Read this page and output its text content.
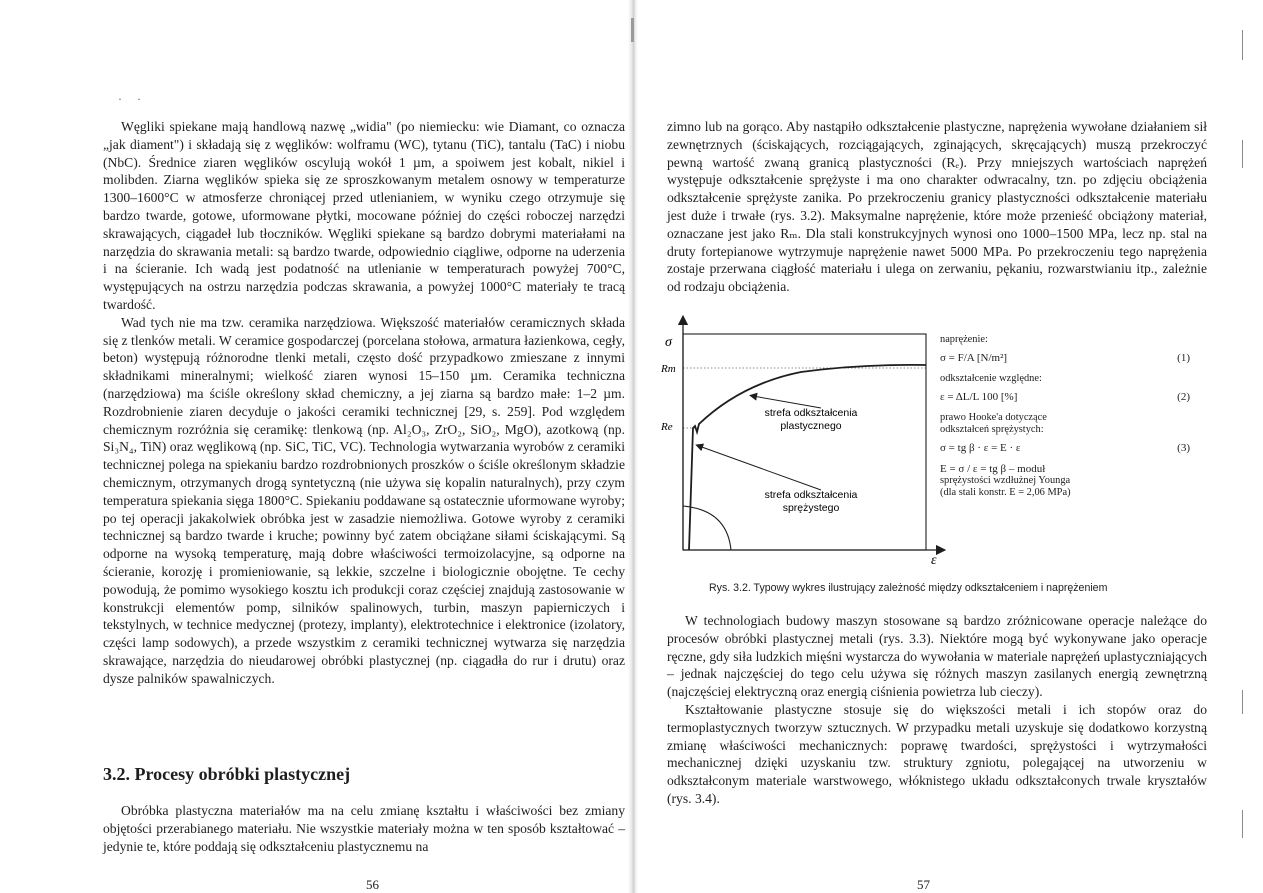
· ·

Węgliki spiekane mają handlową nazwę „widia" (po niemiecku: wie Diamant, co oznacza „jak diament") i składają się z węglików: wolframu (WC), tytanu (TiC), tantalu (TaC) i niobu (NbC). Średnice ziaren węglików oscylują wokół 1 µm, a spoiwem jest kobalt, nikiel i molibden. Ziarna węglików spieka się ze sproszkowanym metalem osnowy w temperaturze 1300–1600°C w atmosferze chroniącej przed utlenianiem, w wyniku czego otrzymuje się bardzo twarde, gotowe, uformowane płytki, mocowane później do części roboczej narzędzi skrawających, ciągadeł lub tłoczników. Węgliki spiekane są bardzo dobrymi materiałami na narzędzia do skrawania metali: są bardzo twarde, odpowiednio ciągliwe, odporne na uderzenia i na ścieranie. Ich wadą jest podatność na utlenianie w temperaturach powyżej 700°C, występujących na ostrzu narzędzia podczas skrawania, a powyżej 1000°C materiały te tracą twardość.

Wad tych nie ma tzw. ceramika narzędziowa. Większość materiałów ceramicznych składa się z tlenków metali. W ceramice gospodarczej (porcelana stołowa, armatura łazienkowa, cegły, beton) występują różnorodne tlenki metali, często dość przypadkowo zmieszane z innymi składnikami mineralnymi; wielkość ziaren wynosi 15–150 µm. Ceramika techniczna (narzędziowa) ma ściśle określony skład chemiczny, a jej ziarna są bardzo małe: 1–2 µm. Rozdrobnienie ziaren decyduje o jakości ceramiki technicznej [29, s. 259]. Pod względem chemicznym rozróżnia się ceramikę: tlenkową (np. Al₂O₃, ZrO₂, SiO₂, MgO), azotkową (np. Si₃N₄, TiN) oraz węglikową (np. SiC, TiC, VC). Technologia wytwarzania wyrobów z ceramiki technicznej polega na spiekaniu bardzo rozdrobnionych proszków o ściśle określonym składzie chemicznym, otrzymanych drogą syntetyczną (nie używa się kopalin naturalnych), przy czym temperatura spiekania sięga 1800°C. Spiekaniu poddawane są ostatecznie uformowane wyroby; po tej operacji jakakolwiek obróbka jest w zasadzie niemożliwa. Gotowe wyroby z ceramiki technicznej są bardzo twarde i kruche; powinny być zatem obciążane siłami ściskającymi. Są odporne na wysoką temperaturę, mają dobre właściwości termoizolacyjne, są odporne na ścieranie, korozję i promieniowanie, są lekkie, szczelne i biologicznie obojętne. Te cechy powodują, że pomimo wysokiego kosztu ich produkcji coraz częściej znajdują zastosowanie w konstrukcji elementów pomp, silników spalinowych, turbin, maszyn papierniczych i tekstylnych, w technice medycznej (protezy, implanty), elektrotechnice i elektronice (izolatory, części lamp sodowych), a przede wszystkim z ceramiki technicznej wytwarza się narzędzia skrawające, narzędzia do nieudarowej obróbki plastycznej (np. ciągadła do rur i drutu) oraz dysze palników spawalniczych.

3.2. Procesy obróbki plastycznej

Obróbka plastyczna materiałów ma na celu zmianę kształtu i właściwości bez zmiany objętości przerabianego materiału. Nie wszystkie materiały można w ten sposób kształtować – jedynie te, które poddają się odkształceniu plastycznemu na

56

zimno lub na gorąco. Aby nastąpiło odkształcenie plastyczne, naprężenia wywołane działaniem sił zewnętrznych (ściskających, rozciągających, zginających, skręcających) muszą przekroczyć pewną wartość zwaną granicą plastyczności (Rₑ). Przy mniejszych wartościach naprężeń występuje odkształcenie sprężyste i ma ono charakter odwracalny, tzn. po zdjęciu obciążenia odkształcenie sprężyste zanika. Po przekroczeniu granicy plastyczności odkształcenie materiału jest duże i trwałe (rys. 3.2). Maksymalne naprężenie, które może przenieść obciążony materiał, oznaczane jest jako Rₘ. Dla stali konstrukcyjnych wynosi ono 1000–1500 MPa, lecz np. stal na druty fortepianowe wytrzymuje naprężenie nawet 5000 MPa. Po przekroczeniu tego naprężenia zostaje przerwana ciągłość materiału i ulega on zerwaniu, pękaniu, rozwarstwianiu itp., zależnie od rodzaju obciążenia.

σ
Rm
Re
ε
strefa odkształcenia
plastycznego
strefa odkształcenia
sprężystego
naprężenie:
σ = F/A [N/m²]	(1)
odkształcenie względne:
ε = ΔL/L 100 [%]	(2)
prawo Hooke'a dotyczące
odkształceń sprężystych:
σ = tg β · ε = E · ε	(3)
E = σ / ε = tg β – moduł
sprężystości wzdłużnej Younga
(dla stali konstr. E = 2,06 MPa)
Rys. 3.2. Typowy wykres ilustrujący zależność między odkształceniem i naprężeniem

W technologiach budowy maszyn stosowane są bardzo zróżnicowane operacje należące do procesów obróbki plastycznej metali (rys. 3.3). Niektóre mogą być wykonywane jako operacje ręczne, gdy siła ludzkich mięśni wystarcza do wywołania w materiale naprężeń uplastyczniających – jednak najczęściej do tego celu używa się różnych maszyn zasilanych energią zewnętrzną (najczęściej elektryczną oraz energią ciśnienia powietrza lub cieczy).

Kształtowanie plastyczne stosuje się do większości metali i ich stopów oraz do termoplastycznych tworzyw sztucznych. W przypadku metali uzyskuje się dodatkowo korzystną zmianę właściwości mechanicznych: poprawę twardości, sprężystości i wytrzymałości mechanicznej dzięki uzyskaniu tzw. struktury zgniotu, polegającej na utworzeniu w odkształconym materiale warstwowego, włóknistego układu odkształconych trwale kryształów (rys. 3.4).

57
